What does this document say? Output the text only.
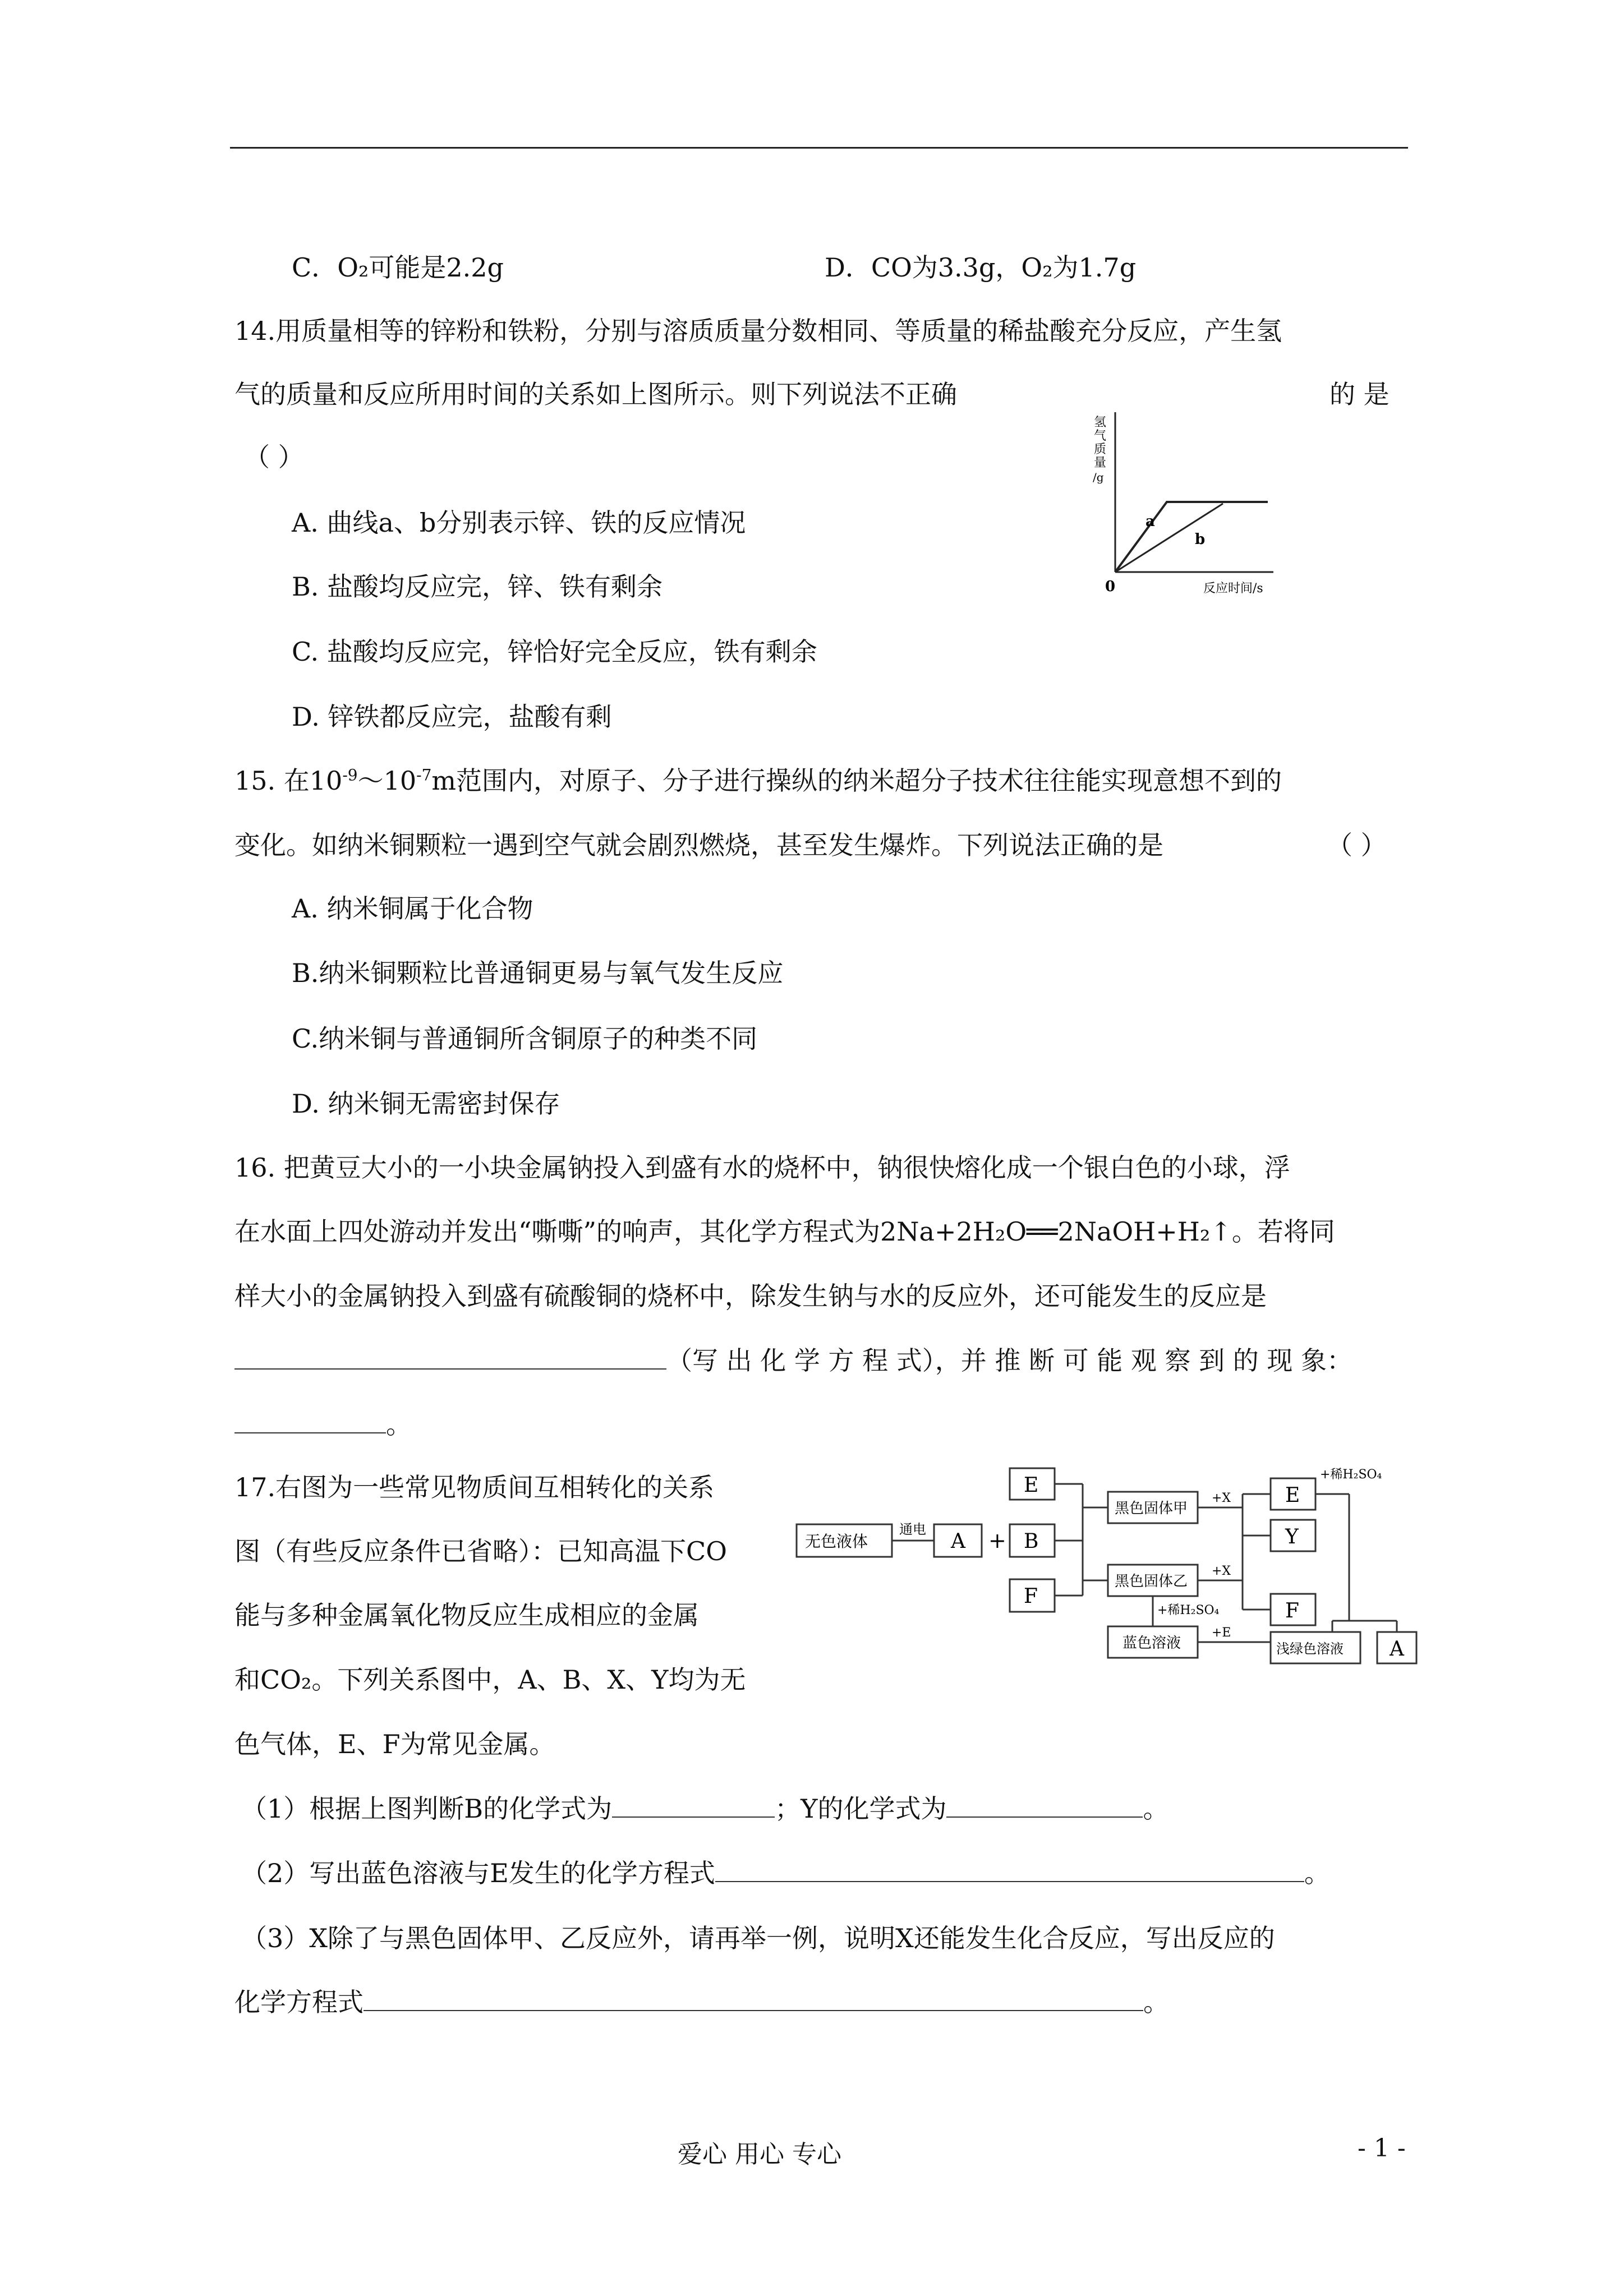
C．O₂可能是2.2g	D．CO为3.3g，O₂为1.7g
14.用质量相等的锌粉和铁粉，分别与溶质质量分数相同、等质量的稀盐酸充分反应，产生氢
气的质量和反应所用时间的关系如上图所示。则下列说法不正确	的 是
（ ）
A. 曲线a、b分别表示锌、铁的反应情况
B. 盐酸均反应完，锌、铁有剩余
C. 盐酸均反应完，锌恰好完全反应，铁有剩余
D. 锌铁都反应完，盐酸有剩
氢
气
质
量
/g
a
b
0	反应时间/s
15. 在$10^{-9}\sim 10^{-7}m$范围内，对原子、分子进行操纵的纳米超分子技术往往能实现意想不到的
变化。如纳米铜颗粒一遇到空气就会剧烈燃烧，甚至发生爆炸。下列说法正确的是	（ ）
A. 纳米铜属于化合物
B.纳米铜颗粒比普通铜更易与氧气发生反应
C.纳米铜与普通铜所含铜原子的种类不同
D. 纳米铜无需密封保存
16. 把黄豆大小的一小块金属钠投入到盛有水的烧杯中，钠很快熔化成一个银白色的小球，浮
在水面上四处游动并发出“嘶嘶”的响声，其化学方程式为2Na+2H₂O══2NaOH+H₂↑。若将同
样大小的金属钠投入到盛有硫酸铜的烧杯中，除发生钠与水的反应外，还可能发生的反应是
（写 出 化 学 方 程 式），并 推 断 可 能 观 察 到 的 现 象：
。
17.右图为一些常见物质间互相转化的关系
图（有些反应条件已省略）：已知高温下CO
能与多种金属氧化物反应生成相应的金属
和CO₂。下列关系图中，A、B、X、Y均为无
色气体，E、F为常见金属。
无色液体
通电
A +
E
B
F
黑色固体甲
黑色固体乙
蓝色溶液
+X
+X
+稀H₂SO₄
+E
+稀H₂SO₄
E
Y
F
浅绿色溶液 A
（1）根据上图判断B的化学式为	；Y的化学式为	。
（2）写出蓝色溶液与E发生的化学方程式	。
（3）X除了与黑色固体甲、乙反应外，请再举一例，说明X还能发生化合反应，写出反应的
化学方程式	。
爱心 用心 专心	- 1 -
